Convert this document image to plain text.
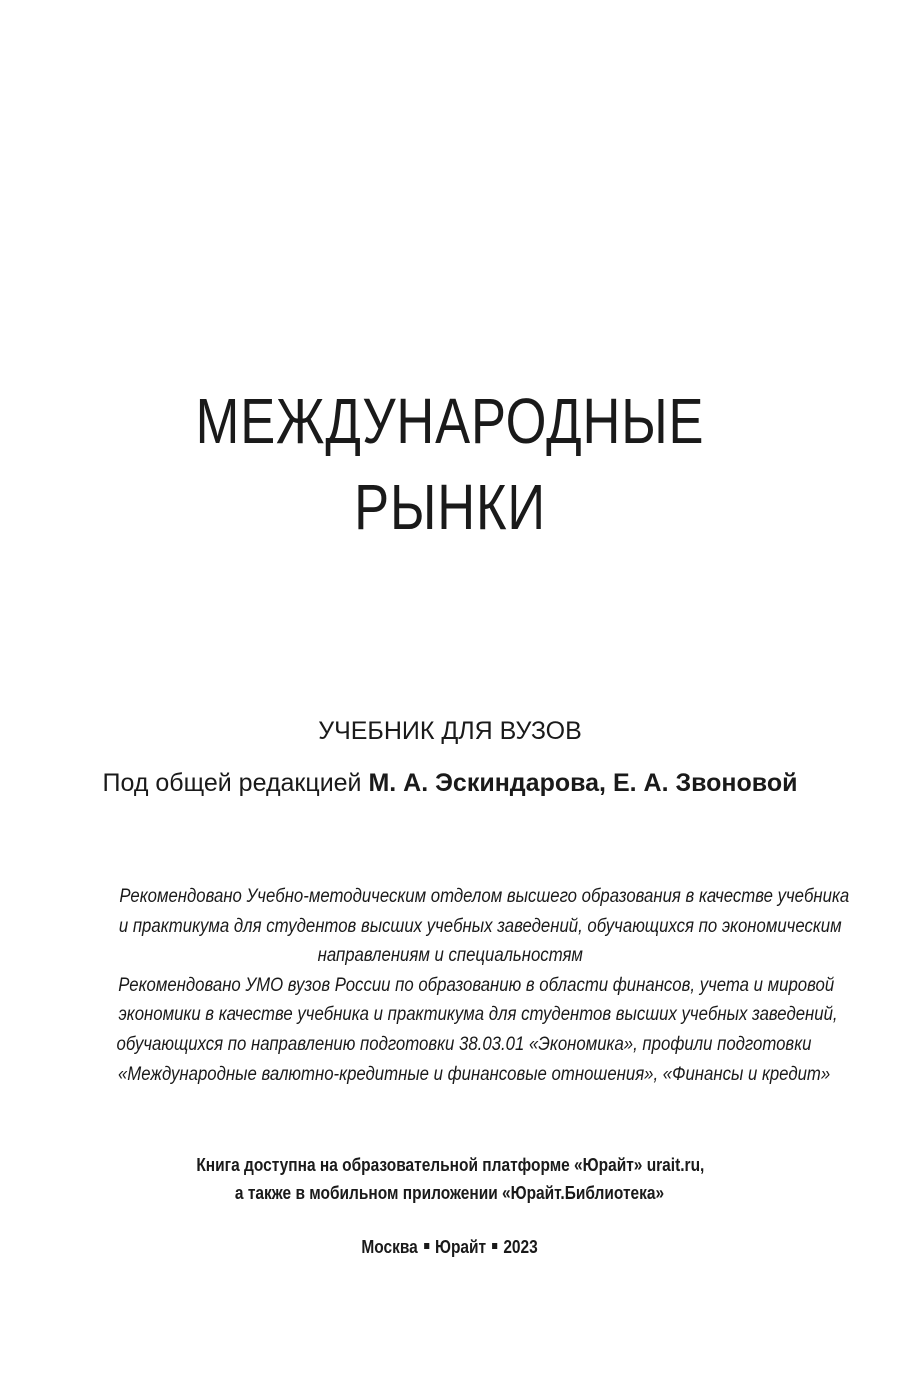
МЕЖДУНАРОДНЫЕ
РЫНКИ
УЧЕБНИК ДЛЯ ВУЗОВ
Под общей редакцией М. А. Эскиндарова, Е. А. Звоновой
Рекомендовано Учебно-методическим отделом высшего образования в качестве учебника
и практикума для студентов высших учебных заведений, обучающихся по экономическим
направлениям и специальностям
Рекомендовано УМО вузов России по образованию в области финансов, учета и мировой
экономики в качестве учебника и практикума для студентов высших учебных заведений,
обучающихся по направлению подготовки 38.03.01 «Экономика», профили подготовки
«Международные валютно-кредитные и финансовые отношения», «Финансы и кредит»
Книга доступна на образовательной платформе «Юрайт» urait.ru,
а также в мобильном приложении «Юрайт.Библиотека»
Москва Юрайт 2023
